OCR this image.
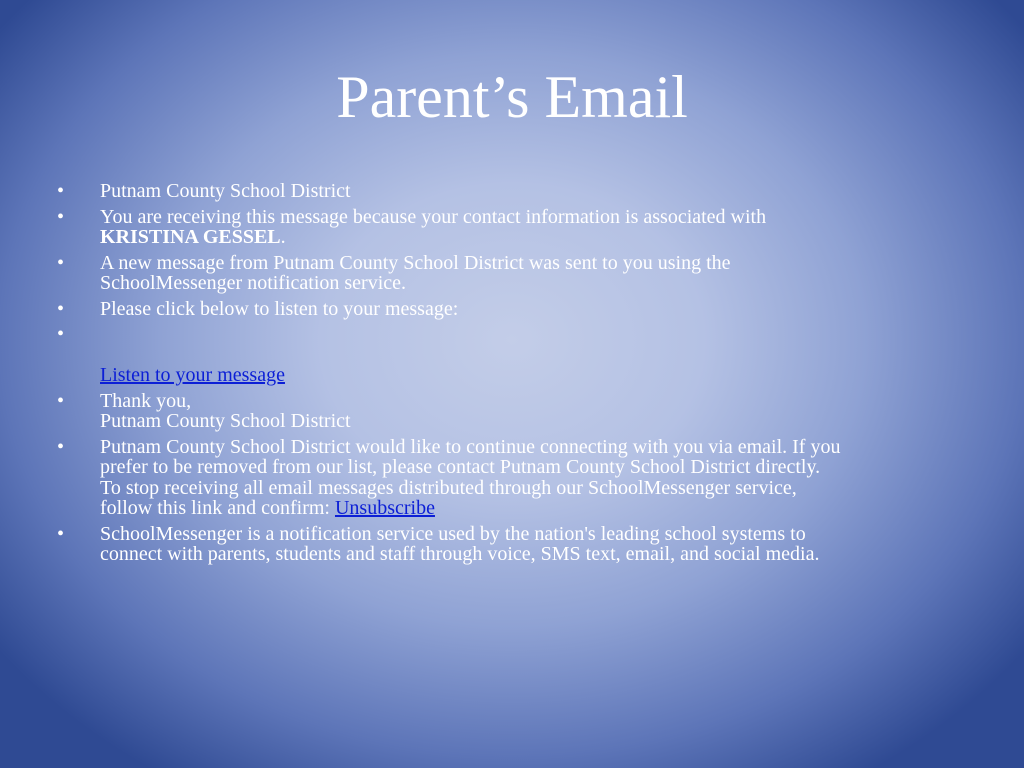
Parent’s Email
• Putnam County School District
• You are receiving this message because your contact information is associated with
KRISTINA GESSEL.
• A new message from Putnam County School District was sent to you using the
SchoolMessenger notification service.
• Please click below to listen to your message:
•
Listen to your message
• Thank you,
Putnam County School District
• Putnam County School District would like to continue connecting with you via email. If you
prefer to be removed from our list, please contact Putnam County School District directly.
To stop receiving all email messages distributed through our SchoolMessenger service,
follow this link and confirm: Unsubscribe
• SchoolMessenger is a notification service used by the nation's leading school systems to
connect with parents, students and staff through voice, SMS text, email, and social media.
